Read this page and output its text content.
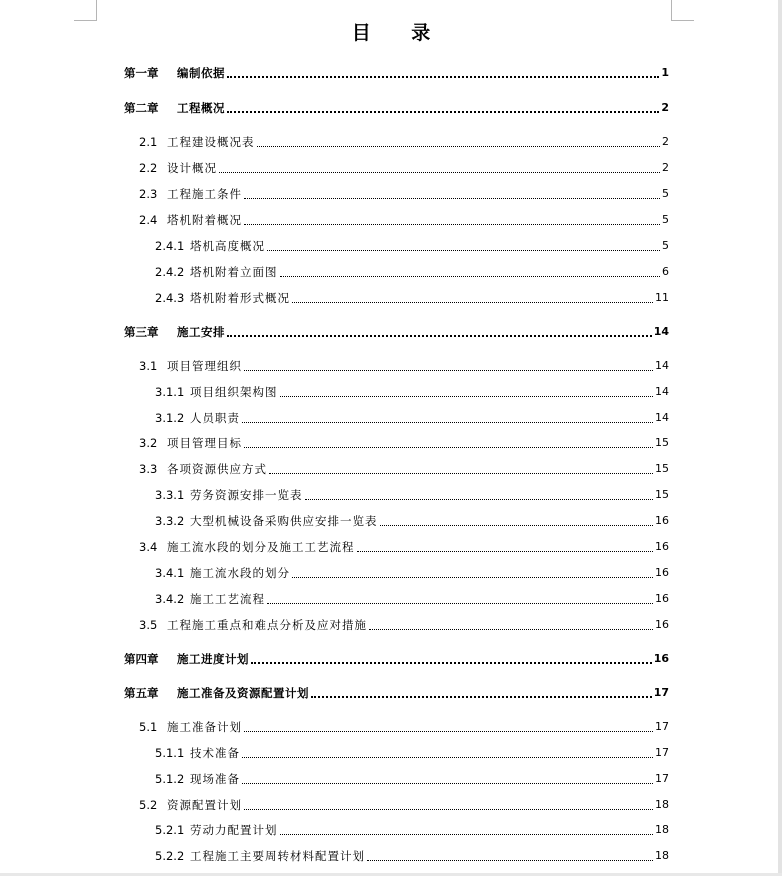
目 录
第一章	编制依据	1
第二章	工程概况	2
2.1 工程建设概况表	2
2.2 设计概况	2
2.3 工程施工条件	5
2.4 塔机附着概况	5
2.4.1 塔机高度概况	5
2.4.2 塔机附着立面图	6
2.4.3 塔机附着形式概况	11
第三章	施工安排	14
3.1 项目管理组织	14
3.1.1 项目组织架构图	14
3.1.2 人员职责	14
3.2 项目管理目标	15
3.3 各项资源供应方式	15
3.3.1 劳务资源安排一览表	15
3.3.2 大型机械设备采购供应安排一览表	16
3.4 施工流水段的划分及施工工艺流程	16
3.4.1 施工流水段的划分	16
3.4.2 施工工艺流程	16
3.5 工程施工重点和难点分析及应对措施	16
第四章	施工进度计划	16
第五章	施工准备及资源配置计划	17
5.1 施工准备计划	17
5.1.1 技术准备	17
5.1.2 现场准备	17
5.2 资源配置计划	18
5.2.1 劳动力配置计划	18
5.2.2 工程施工主要周转材料配置计划	18
